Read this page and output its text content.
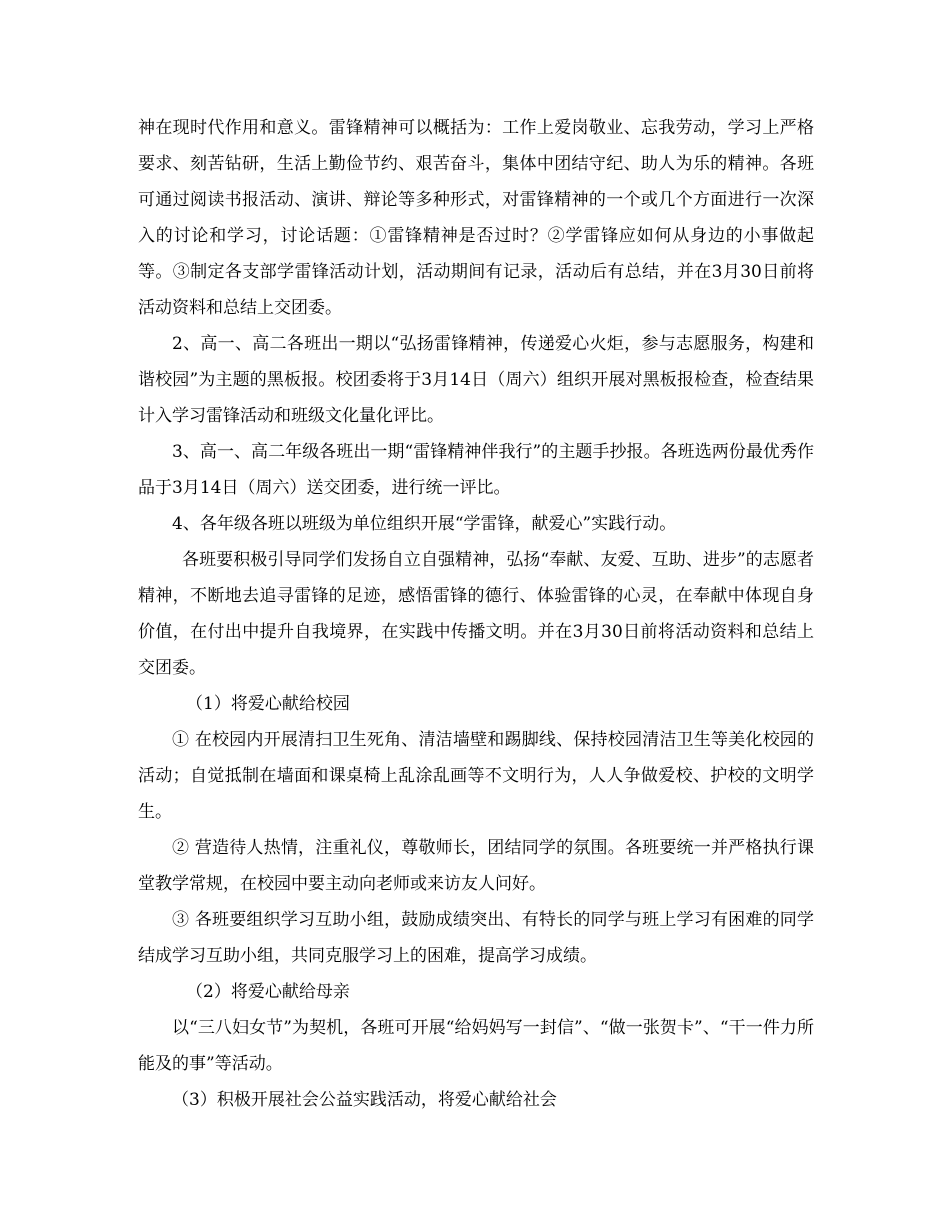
神在现时代作用和意义。雷锋精神可以概括为：工作上爱岗敬业、忘我劳动，学习上严格要求、刻苦钻研，生活上勤俭节约、艰苦奋斗，集体中团结守纪、助人为乐的精神。各班可通过阅读书报活动、演讲、辩论等多种形式，对雷锋精神的一个或几个方面进行一次深入的讨论和学习，讨论话题：①雷锋精神是否过时？②学雷锋应如何从身边的小事做起等。③制定各支部学雷锋活动计划，活动期间有记录，活动后有总结，并在3月30日前将活动资料和总结上交团委。

2、高一、高二各班出一期以“弘扬雷锋精神，传递爱心火炬，参与志愿服务，构建和谐校园”为主题的黑板报。校团委将于3月14日（周六）组织开展对黑板报检查，检查结果计入学习雷锋活动和班级文化量化评比。

3、高一、高二年级各班出一期“雷锋精神伴我行”的主题手抄报。各班选两份最优秀作品于3月14日（周六）送交团委，进行统一评比。

4、各年级各班以班级为单位组织开展“学雷锋，献爱心”实践行动。

各班要积极引导同学们发扬自立自强精神，弘扬“奉献、友爱、互助、进步”的志愿者精神，不断地去追寻雷锋的足迹，感悟雷锋的德行、体验雷锋的心灵，在奉献中体现自身价值，在付出中提升自我境界，在实践中传播文明。并在3月30日前将活动资料和总结上交团委。

（1）将爱心献给校园

① 在校园内开展清扫卫生死角、清洁墙壁和踢脚线、保持校园清洁卫生等美化校园的活动；自觉抵制在墙面和课桌椅上乱涂乱画等不文明行为，人人争做爱校、护校的文明学生。

② 营造待人热情，注重礼仪，尊敬师长，团结同学的氛围。各班要统一并严格执行课堂教学常规，在校园中要主动向老师或来访友人问好。

③ 各班要组织学习互助小组，鼓励成绩突出、有特长的同学与班上学习有困难的同学结成学习互助小组，共同克服学习上的困难，提高学习成绩。

（2）将爱心献给母亲

以“三八妇女节”为契机，各班可开展“给妈妈写一封信”、“做一张贺卡”、“干一件力所能及的事”等活动。

（3）积极开展社会公益实践活动，将爱心献给社会
